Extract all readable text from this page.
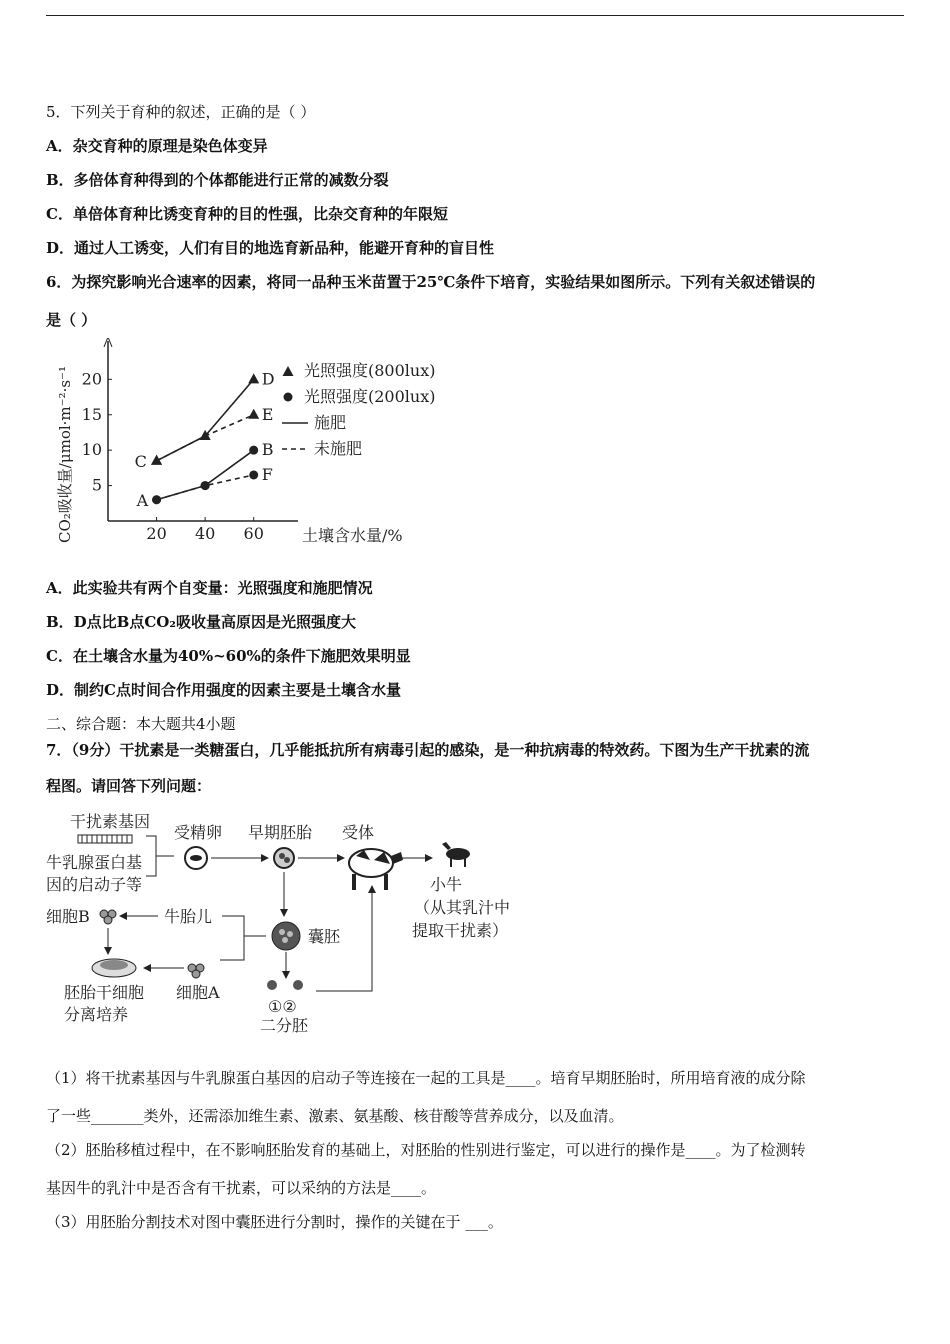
5．下列关于育种的叙述，正确的是（ ）
A．杂交育种的原理是染色体变异
B．多倍体育种得到的个体都能进行正常的减数分裂
C．单倍体育种比诱变育种的目的性强，比杂交育种的年限短
D．通过人工诱变，人们有目的地选育新品种，能避开育种的盲目性
6．为探究影响光合速率的因素，将同一品种玉米苗置于25℃条件下培育，实验结果如图所示。下列有关叙述错误的
是（ ）
20 40 60
5
10
15
20
土壤含水量/%
CO₂吸收量/μmol·m⁻²·s⁻¹	C
D
E
A
B
F
光照强度(800lux)
光照强度(200lux)
施肥
未施肥
A．此实验共有两个自变量：光照强度和施肥情况
B．D点比B点CO₂吸收量高原因是光照强度大
C．在土壤含水量为40%~60%的条件下施肥效果明显
D．制约C点时间合作用强度的因素主要是土壤含水量
二、综合题：本大题共4小题
7．（9分）干扰素是一类糖蛋白，几乎能抵抗所有病毒引起的感染，是一种抗病毒的特效药。下图为生产干扰素的流
程图。请回答下列问题：
干扰素基因
牛乳腺蛋白基
因的启动子等
受精卵 早期胚胎 受体
小牛
（从其乳汁中
提取干扰素）
牛胎儿
细胞B
囊胚
细胞A
胚胎干细胞
分离培养	①②
二分胚
（1）将干扰素基因与牛乳腺蛋白基因的启动子等连接在一起的工具是____。培育早期胚胎时，所用培育液的成分除
了一些_______类外，还需添加维生素、激素、氨基酸、核苷酸等营养成分，以及血清。
（2）胚胎移植过程中，在不影响胚胎发育的基础上，对胚胎的性别进行鉴定，可以进行的操作是____。为了检测转
基因牛的乳汁中是否含有干扰素，可以采纳的方法是____。
（3）用胚胎分割技术对图中囊胚进行分割时，操作的关键在于 ___。
